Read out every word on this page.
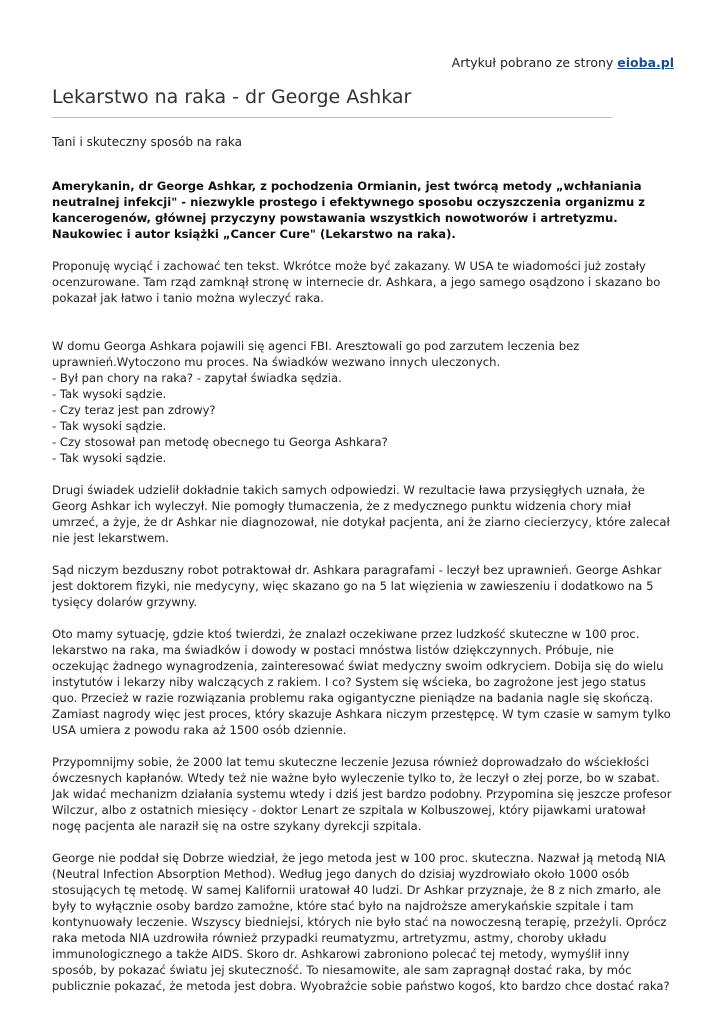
Artykuł pobrano ze strony eioba.pl
Lekarstwo na raka - dr George Ashkar
Tani i skuteczny sposób na raka

Amerykanin, dr George Ashkar, z pochodzenia Ormianin, jest twórcą metody „wchłaniania neutralnej infekcji" - niezwykle prostego i efektywnego sposobu oczyszczenia organizmu z kancerogenów, głównej przyczyny powstawania wszystkich nowotworów i artretyzmu. Naukowiec i autor książki „Cancer Cure" (Lekarstwo na raka).

Proponuję wyciąć i zachować ten tekst. Wkrótce może być zakazany. W USA te wiadomości już zostały ocenzurowane. Tam rząd zamknął stronę w internecie dr. Ashkara, a jego samego osądzono i skazano bo pokazał jak łatwo i tanio można wyleczyć raka.

W domu Georga Ashkara pojawili się agenci FBI. Aresztowali go pod zarzutem leczenia bez uprawnień.Wytoczono mu proces. Na świadków wezwano innych uleczonych.
- Był pan chory na raka? - zapytał świadka sędzia.
- Tak wysoki sądzie.
- Czy teraz jest pan zdrowy?
- Tak wysoki sądzie.
- Czy stosował pan metodę obecnego tu Georga Ashkara?
- Tak wysoki sądzie.

Drugi świadek udzielił dokładnie takich samych odpowiedzi. W rezultacie ława przysięgłych uznała, że Georg Ashkar ich wyleczył. Nie pomogły tłumaczenia, że z medycznego punktu widzenia chory miał umrzeć, a żyje, że dr Ashkar nie diagnozował, nie dotykał pacjenta, ani że ziarno ciecierzycy, które zalecał nie jest lekarstwem.

Sąd niczym bezduszny robot potraktował dr. Ashkara paragrafami - leczył bez uprawnień. George Ashkar jest doktorem fizyki, nie medycyny, więc skazano go na 5 lat więzienia w zawieszeniu i dodatkowo na 5 tysięcy dolarów grzywny.

Oto mamy sytuację, gdzie ktoś twierdzi, że znalazł oczekiwane przez ludzkość skuteczne w 100 proc. lekarstwo na raka, ma świadków i dowody w postaci mnóstwa listów dziękczynnych. Próbuje, nie oczekując żadnego wynagrodzenia, zainteresować świat medyczny swoim odkryciem. Dobija się do wielu instytutów i lekarzy niby walczących z rakiem. I co? System się wścieka, bo zagrożone jest jego status quo. Przecież w razie rozwiązania problemu raka ogigantyczne pieniądze na badania nagle się skończą. Zamiast nagrody więc jest proces, który skazuje Ashkara niczym przestępcę. W tym czasie w samym tylko USA umiera z powodu raka aż 1500 osób dziennie.

Przypomnijmy sobie, że 2000 lat temu skuteczne leczenie Jezusa również doprowadzało do wściekłości ówczesnych kapłanów. Wtedy też nie ważne było wyleczenie tylko to, że leczył o złej porze, bo w szabat. Jak widać mechanizm działania systemu wtedy i dziś jest bardzo podobny. Przypomina się jeszcze profesor Wilczur, albo z ostatnich miesięcy - doktor Lenart ze szpitala w Kolbuszowej, który pijawkami uratował nogę pacjenta ale naraził się na ostre szykany dyrekcji szpitala.

George nie poddał się Dobrze wiedział, że jego metoda jest w 100 proc. skuteczna. Nazwał ją metodą NIA (Neutral Infection Absorption Method). Według jego danych do dzisiaj wyzdrowiało około 1000 osób stosujących tę metodę. W samej Kalifornii uratował 40 ludzi. Dr Ashkar przyznaje, że 8 z nich zmarło, ale były to wyłącznie osoby bardzo zamożne, które stać było na najdroższe amerykańskie szpitale i tam kontynuowały leczenie. Wszyscy biedniejsi, których nie było stać na nowoczesną terapię, przeżyli. Oprócz raka metoda NIA uzdrowiła również przypadki reumatyzmu, artretyzmu, astmy, choroby układu immunologicznego a także AIDS. Skoro dr. Ashkarowi zabroniono polecać tej metody, wymyślił inny sposób, by pokazać światu jej skuteczność. To niesamowite, ale sam zapragnął dostać raka, by móc publicznie pokazać, że metoda jest dobra. Wyobraźcie sobie państwo kogoś, kto bardzo chce dostać raka?
